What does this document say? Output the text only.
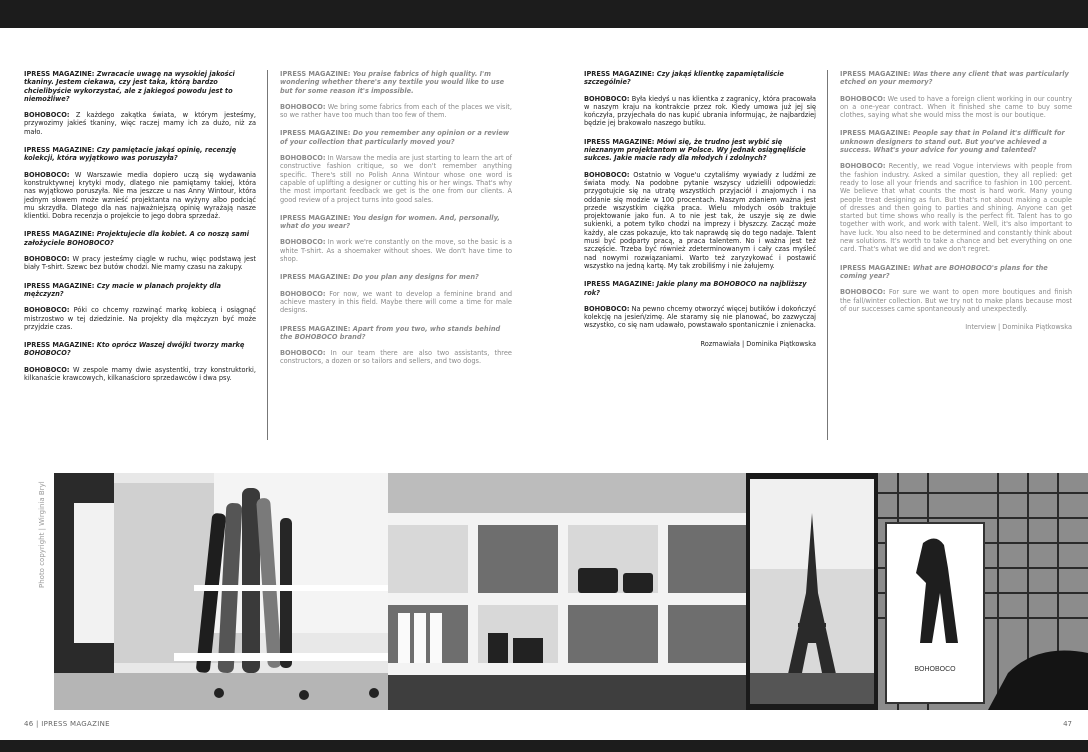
IPRESS MAGAZINE: Zwracacie uwagę na wysokiej jakości tkaniny. Jestem ciekawa, czy jest taka, którą bardzo chcielibyście wykorzystać, ale z jakiegoś powodu jest to niemożliwe?

BOHOBOCO: Z każdego zakątka świata, w którym jesteśmy, przywozimy jakieś tkaniny, więc raczej mamy ich za dużo, niż za mało.

IPRESS MAGAZINE: Czy pamiętacie jakąś opinię, recenzję kolekcji, która wyjątkowo was poruszyła?

BOHOBOCO: W Warszawie media dopiero uczą się wydawania konstruktywnej krytyki mody, dlatego nie pamiętamy takiej, która nas wyjątkowo poruszyła. Nie ma jeszcze u nas Anny Wintour, która jednym słowem może wznieść projektanta na wyżyny albo podciąć mu skrzydła. Dlatego dla nas najważniejszą opinię wyrażają nasze klientki. Dobra recenzja o projekcie to jego dobra sprzedaż.

IPRESS MAGAZINE: Projektujecie dla kobiet. A co noszą sami założyciele BOHOBOCO?

BOHOBOCO: W pracy jesteśmy ciągle w ruchu, więc podstawą jest biały T-shirt. Szewc bez butów chodzi. Nie mamy czasu na zakupy.

IPRESS MAGAZINE: Czy macie w planach projekty dla mężczyzn?

BOHOBOCO: Póki co chcemy rozwinąć markę kobiecą i osiągnąć mistrzostwo w tej dziedzinie. Na projekty dla mężczyzn być może przyjdzie czas.

IPRESS MAGAZINE: Kto oprócz Waszej dwójki tworzy markę BOHOBOCO?

BOHOBOCO: W zespole mamy dwie asystentki, trzy konstruktorki, kilkanaście krawcowych, kilkanaściorо sprzedawców i dwa psy.

IPRESS MAGAZINE: You praise fabrics of high quality. I'm wondering whether there's any textile you would like to use but for some reason it's impossible.

BOHOBOCO: We bring some fabrics from each of the places we visit, so we rather have too much than too few of them.

IPRESS MAGAZINE: Do you remember any opinion or a review of your collection that particularly moved you?

BOHOBOCO: In Warsaw the media are just starting to learn the art of constructive fashion critique, so we don't remember anything specific. There's still no Polish Anna Wintour whose one word is capable of uplifting a designer or cutting his or her wings. That's why the most important feedback we get is the one from our clients. A good review of a project turns into good sales.

IPRESS MAGAZINE: You design for women. And, personally, what do you wear?

BOHOBOCO: In work we're constantly on the move, so the basic is a white T-shirt. As a shoemaker without shoes. We don't have time to shop.

IPRESS MAGAZINE: Do you plan any designs for men?

BOHOBOCO: For now, we want to develop a feminine brand and achieve mastery in this field. Maybe there will come a time for male designs.

IPRESS MAGAZINE: Apart from you two, who stands behind the BOHOBOCO brand?

BOHOBOCO: In our team there are also two assistants, three constructors, a dozen or so tailors and sellers, and two dogs.

IPRESS MAGAZINE: Czy jakąś klientkę zapamiętaliście szczególnie?

BOHOBOCO: Była kiedyś u nas klientka z zagranicy, która pracowała w naszym kraju na kontrakcie przez rok. Kiedy umowa już jej się kończyła, przyjechała do nas kupić ubrania informując, że najbardziej będzie jej brakowało naszego butiku.

IPRESS MAGAZINE: Mówi się, że trudno jest wybić się nieznanym projektantom w Polsce. Wy jednak osiągnęliście sukces. Jakie macie rady dla młodych i zdolnych?

BOHOBOCO: Ostatnio w Vogue'u czytaliśmy wywiady z ludźmi ze świata mody. Na podobne pytanie wszyscy udzielili odpowiedzi: przygotujcie się na utratę wszystkich przyjaciół i znajomych i na oddanie się modzie w 100 procentach. Naszym zdaniem ważna jest przede wszystkim ciężka praca. Wielu młodych osób traktuje projektowanie jako fun. A to nie jest tak, że uszyje się ze dwie sukienki, a potem tylko chodzi na imprezy i błyszczy. Zacząć może każdy, ale czas pokazuje, kto tak naprawdę się do tego nadaje. Talent musi być podparty pracą, a praca talentem. No i ważna jest też szczęście. Trzeba być również zdeterminowanym i cały czas myśleć nad nowymi rozwiązaniami. Warto też zaryzykować i postawić wszystko na jedną kartę. My tak zrobiliśmy i nie żałujemy.

IPRESS MAGAZINE: Jakie plany ma BOHOBOCO na najbliższy rok?

BOHOBOCO: Na pewno chcemy otworzyć więcej butików i dokończyć kolekcję na jesień/zimę. Ale staramy się nie planować, bo zazwyczaj wszystko, co się nam udawało, powstawało spontanicznie i znienacka.

Rozmawiała | Dominika Piątkowska

IPRESS MAGAZINE: Was there any client that was particularly etched on your memory?

BOHOBOCO: We used to have a foreign client working in our country on a one-year contract. When it finished she came to buy some clothes, saying what she would miss the most is our boutique.

IPRESS MAGAZINE: People say that in Poland it's difficult for unknown designers to stand out. But you've achieved a success. What's your advice for young and talented?

BOHOBOCO: Recently, we read Vogue interviews with people from the fashion industry. Asked a similar question, they all replied: get ready to lose all your friends and sacrifice to fashion in 100 percent. We believe that what counts the most is hard work. Many young people treat designing as fun. But that's not about making a couple of dresses and then going to parties and shining. Anyone can get started but time shows who really is the perfect fit. Talent has to go together with work, and work with talent. Well, it's also important to have luck. You also need to be determined and constantly think about new solutions. It's worth to take a chance and bet everything on one card. That's what we did and we don't regret.

IPRESS MAGAZINE: What are BOHOBOCO's plans for the coming year?

BOHOBOCO: For sure we want to open more boutiques and finish the fall/winter collection. But we try not to make plans because most of our successes came spontaneously and unexpectedly.

Interview | Dominika Piątkowska

Photo copyright | Wirginia Bryl
BOHOBOCO
46 | IPRESS MAGAZINE	47
